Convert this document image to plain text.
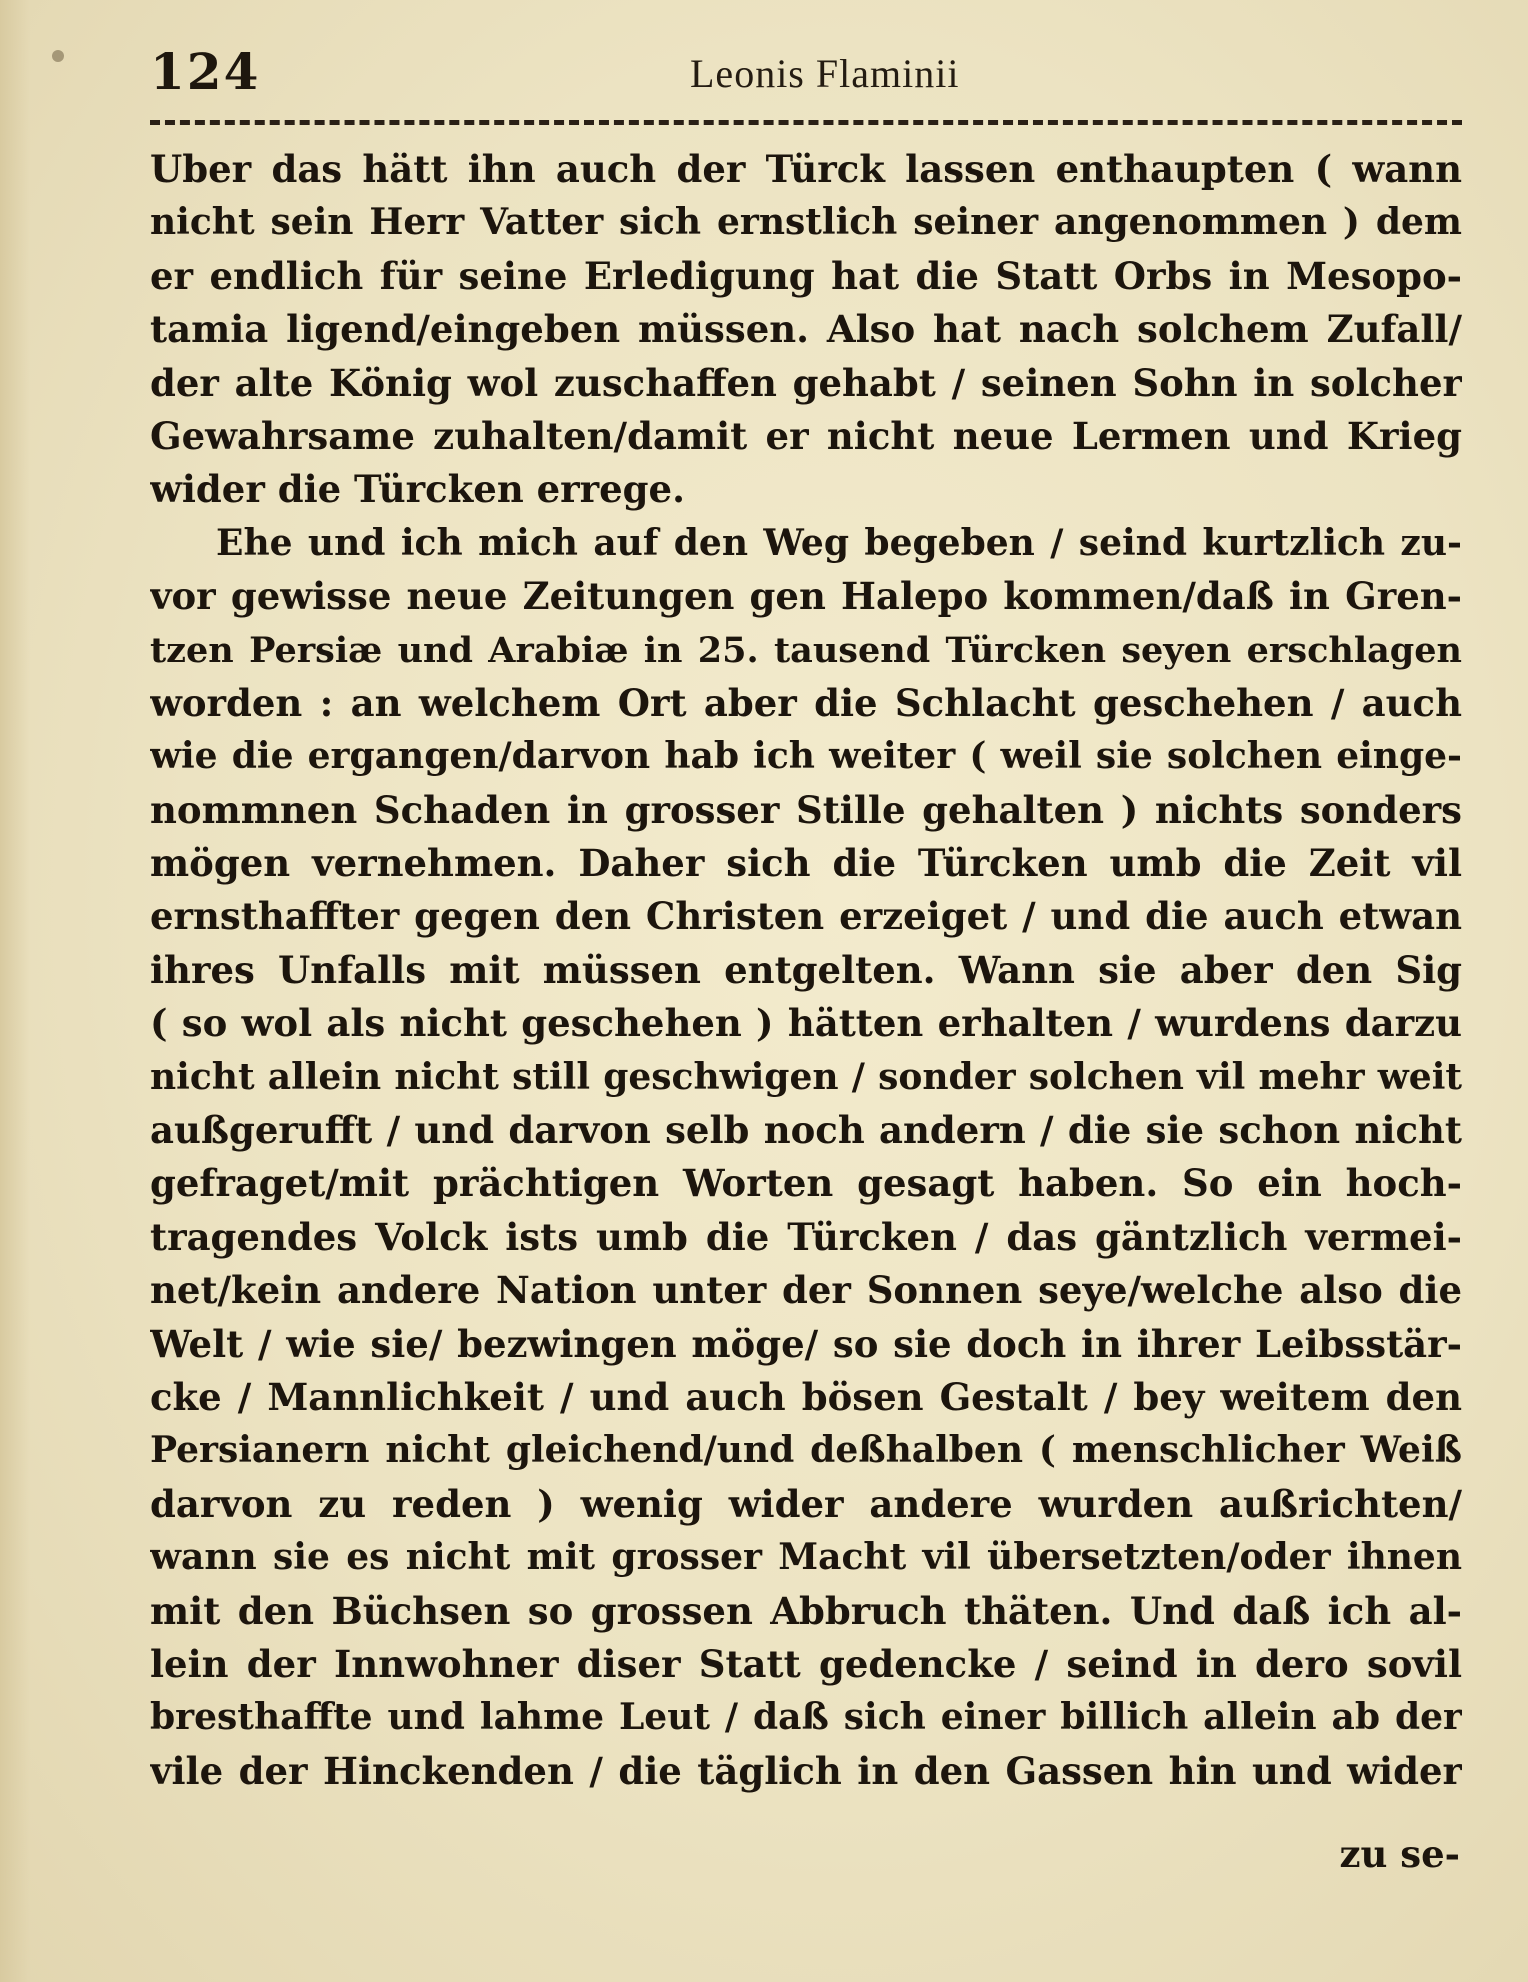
124	Leonis Flaminii
Uber das hätt ihn auch der Türck lassen enthaupten ( wann
nicht sein Herr Vatter sich ernstlich seiner angenommen ) dem
er endlich für seine Erledigung hat die Statt Orbs in Mesopo-
tamia ligend/eingeben müssen. Also hat nach solchem Zufall/
der alte König wol zuschaffen gehabt / seinen Sohn in solcher
Gewahrsame zuhalten/damit er nicht neue Lermen und Krieg
wider die Türcken errege.
Ehe und ich mich auf den Weg begeben / seind kurtzlich zu-
vor gewisse neue Zeitungen gen Halepo kommen/daß in Gren-
tzen Persiæ und Arabiæ in 25. tausend Türcken seyen erschlagen
worden : an welchem Ort aber die Schlacht geschehen / auch
wie die ergangen/darvon hab ich weiter ( weil sie solchen einge-
nommnen Schaden in grosser Stille gehalten ) nichts sonders
mögen vernehmen. Daher sich die Türcken umb die Zeit vil
ernsthaffter gegen den Christen erzeiget / und die auch etwan
ihres Unfalls mit müssen entgelten. Wann sie aber den Sig
( so wol als nicht geschehen ) hätten erhalten / wurdens darzu
nicht allein nicht still geschwigen / sonder solchen vil mehr weit
außgerufft / und darvon selb noch andern / die sie schon nicht
gefraget/mit prächtigen Worten gesagt haben. So ein hoch-
tragendes Volck ists umb die Türcken / das gäntzlich vermei-
net/kein andere Nation unter der Sonnen seye/welche also die
Welt / wie sie/ bezwingen möge/ so sie doch in ihrer Leibsstär-
cke / Mannlichkeit / und auch bösen Gestalt / bey weitem den
Persianern nicht gleichend/und deßhalben ( menschlicher Weiß
darvon zu reden ) wenig wider andere wurden außrichten/
wann sie es nicht mit grosser Macht vil übersetzten/oder ihnen
mit den Büchsen so grossen Abbruch thäten. Und daß ich al-
lein der Innwohner diser Statt gedencke / seind in dero sovil
bresthaffte und lahme Leut / daß sich einer billich allein ab der
vile der Hinckenden / die täglich in den Gassen hin und wider
zu se-
